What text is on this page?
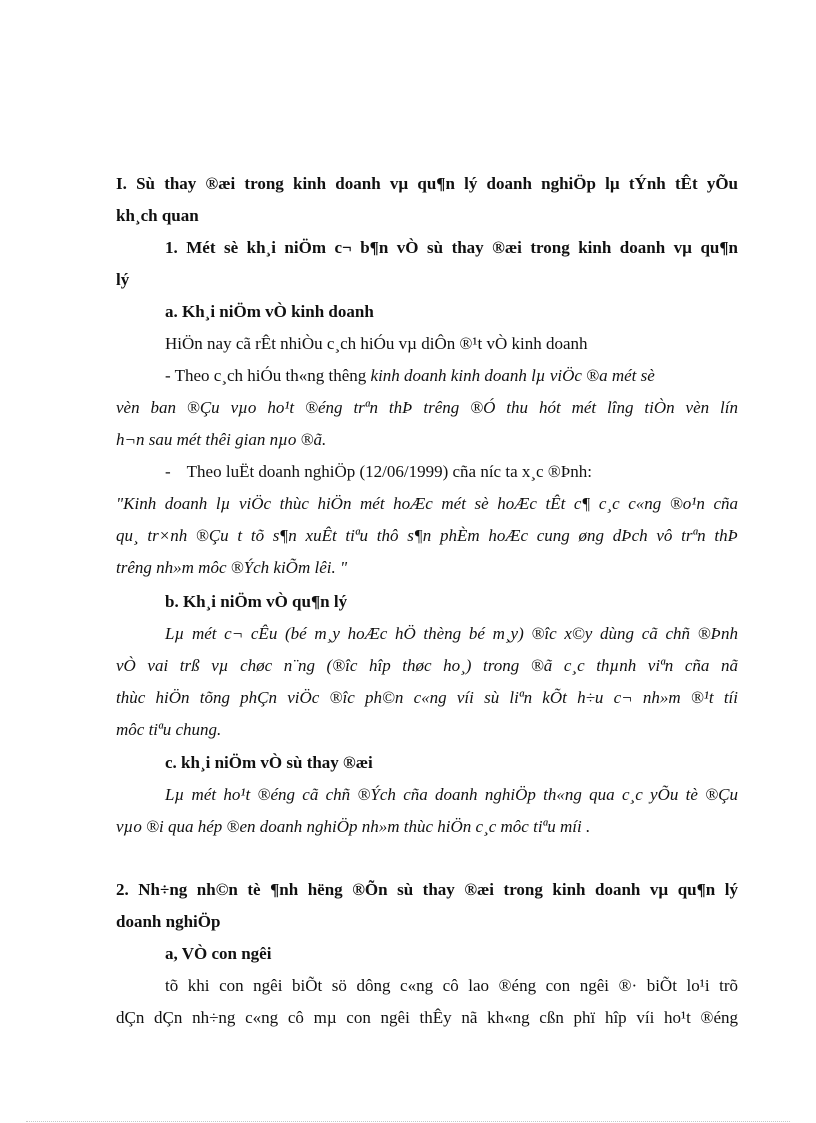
I. Sù thay ®æi trong kinh doanh vµ qu¶n lý doanh nghiÖp lµ tÝnh tÊt yÕu
kh¸ch quan
1. Mét sè kh¸i niÖm c¬ b¶n vÒ sù thay ®æi trong kinh doanh vµ qu¶n
lý
a. Kh¸i niÖm vÒ kinh doanh
HiÖn nay cã rÊt nhiÒu c¸ch hiÓu vµ diÔn ®¹t vÒ kinh doanh
- Theo c¸ch hiÓu th«ng thêng kinh doanh kinh doanh lµ viÖc ®a mét sè
vèn ban ®Çu vµo ho¹t ®éng trªn thÞ trêng ®Ó thu hót mét lîng tiÒn vèn lín
h¬n sau mét thêi gian nµo ®ã.
- Theo luËt doanh nghiÖp (12/06/1999) cña níc ta x¸c ®Þnh:
"Kinh doanh lµ viÖc thùc hiÖn mét hoÆc mét sè hoÆc tÊt c¶ c¸c c«ng ®o¹n cña
qu¸ tr×nh ®Çu t tõ s¶n xuÊt tiªu thô s¶n phÈm hoÆc cung øng dÞch vô trªn thÞ
trêng nh»m môc ®Ých kiÕm lêi. "
b. Kh¸i niÖm vÒ qu¶n lý
Lµ mét c¬ cÊu (bé m¸y hoÆc hÖ thèng bé m¸y) ®îc x©y dùng cã chñ ®Þnh
vÒ vai trß vµ chøc n¨ng (®îc hîp thøc ho¸) trong ®ã c¸c thµnh viªn cña nã
thùc hiÖn tõng phÇn viÖc ®îc ph©n c«ng víi sù liªn kÕt h÷u c¬ nh»m ®¹t tíi
môc tiªu chung.
c. kh¸i niÖm vÒ sù thay ®æi
Lµ mét ho¹t ®éng cã chñ ®Ých cña doanh nghiÖp th«ng qua c¸c yÕu tè ®Çu
vµo ®i qua hép ®en doanh nghiÖp nh»m thùc hiÖn c¸c môc tiªu míi .
2. Nh÷ng nh©n tè ¶nh hëng ®Õn sù thay ®æi trong kinh doanh vµ qu¶n lý
doanh nghiÖp
a, VÒ con ngêi
tõ khi con ngêi biÕt sö dông c«ng cô lao ®éng con ngêi ®· biÕt lo¹i trõ
dÇn dÇn nh÷ng c«ng cô mµ con ngêi thÊy nã kh«ng cßn phï hîp víi ho¹t ®éng
